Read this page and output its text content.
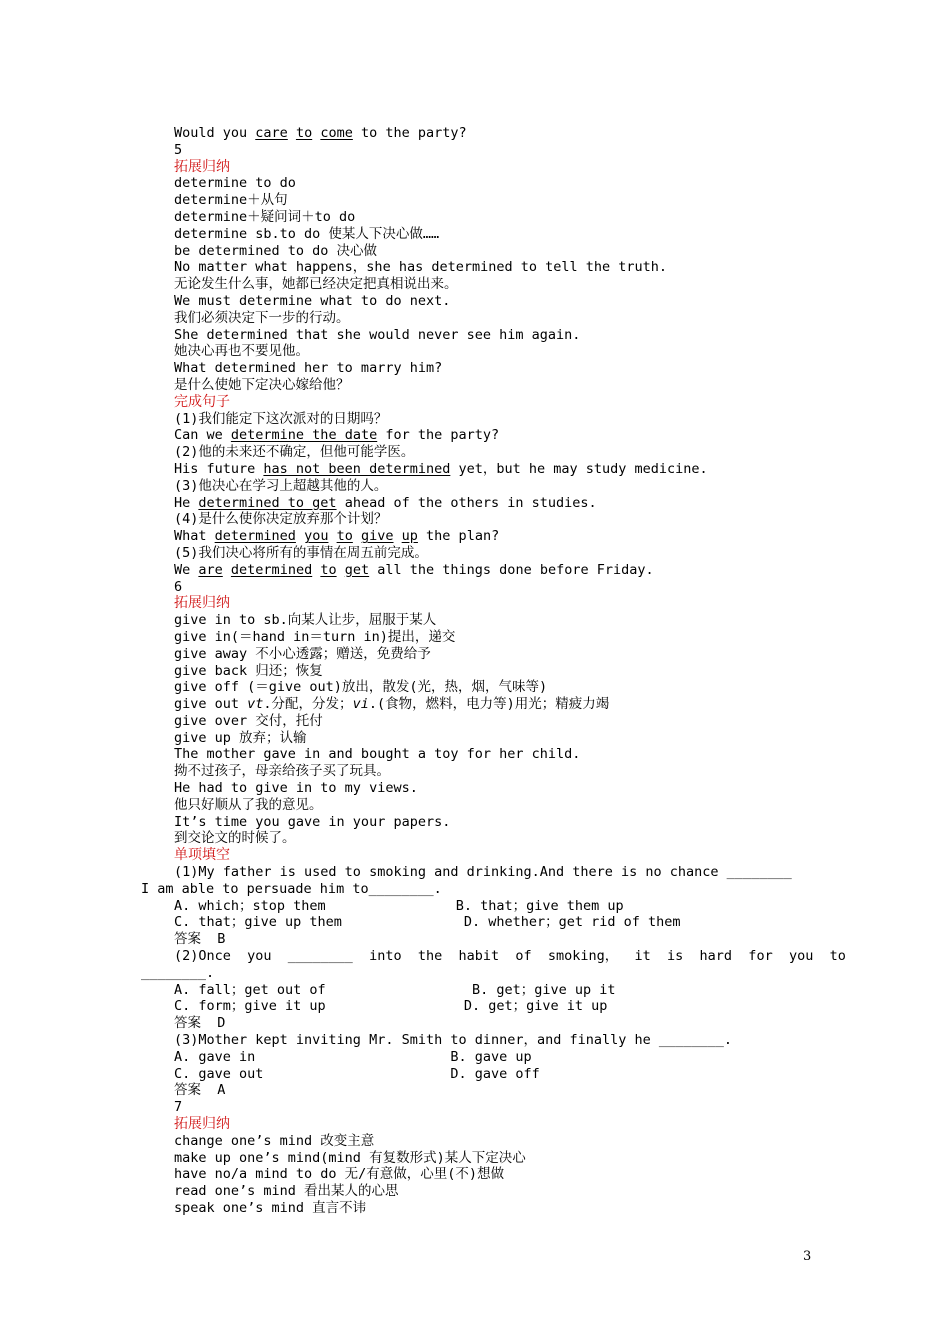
Would you care to come to the party?
5
拓展归纳
determine to do
determine＋从句
determine＋疑问词＋to do
determine sb.to do 使某人下决心做……
be determined to do 决心做
No matter what happens，she has determined to tell the truth.
无论发生什么事，她都已经决定把真相说出来。
We must determine what to do next.
我们必须决定下一步的行动。
She determined that she would never see him again.
她决心再也不要见他。
What determined her to marry him?
是什么使她下定决心嫁给他？
完成句子
(1)我们能定下这次派对的日期吗？
Can we determine the date for the party?
(2)他的未来还不确定，但他可能学医。
His future has not been determined yet，but he may study medicine.
(3)他决心在学习上超越其他的人。
He determined to get ahead of the others in studies.
(4)是什么使你决定放弃那个计划？
What determined you to give up the plan?
(5)我们决心将所有的事情在周五前完成。
We are determined to get all the things done before Friday.
6
拓展归纳
give in to sb.向某人让步，屈服于某人
give in(＝hand in＝turn in)提出，递交
give away 不小心透露；赠送，免费给予
give back 归还；恢复
give off (＝give out)放出，散发(光，热，烟，气味等)
give out vt.分配，分发；vi.(食物，燃料，电力等)用光；精疲力竭
give over 交付，托付
give up 放弃；认输
The mother gave in and bought a toy for her child.
拗不过孩子，母亲给孩子买了玩具。
He had to give in to my views.
他只好顺从了我的意见。
It’s time you gave in your papers.
到交论文的时候了。
单项填空
(1)My father is used to smoking and drinking.And there is no chance ________
I am able to persuade him to________.
A. which；stop them                B. that；give them up
C. that；give up them               D. whether；get rid of them
答案  B
(2)Once  you  ________  into  the  habit  of  smoking，  it  is  hard  for  you  to
________.
A. fall；get out of                  B. get；give up it
C. form；give it up                 D. get；give it up
答案  D
(3)Mother kept inviting Mr. Smith to dinner，and finally he ________.
A. gave in                        B. gave up
C. gave out                       D. gave off
答案  A
7
拓展归纳
change one’s mind 改变主意
make up one’s mind(mind 有复数形式)某人下定决心
have no/a mind to do 无/有意做，心里(不)想做
read one’s mind 看出某人的心思
speak one’s mind 直言不讳
3
